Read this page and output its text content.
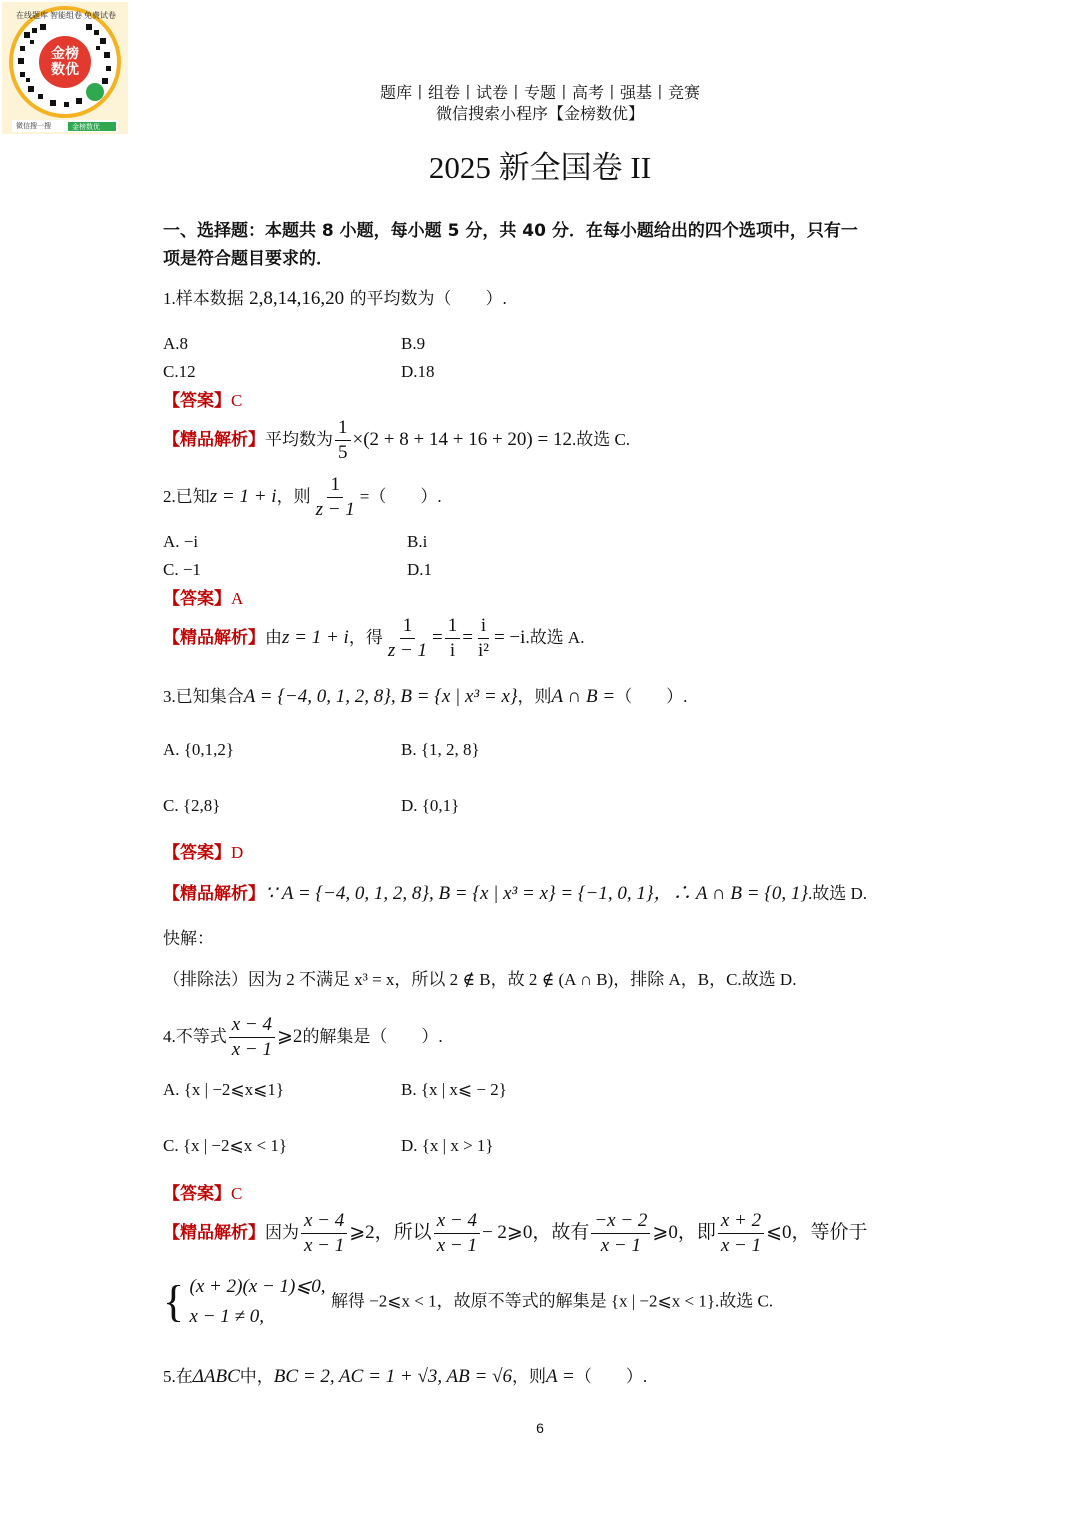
金榜数优
微信搜一搜	金榜数优
在线题库 智能组卷 免费试卷
题库丨组卷丨试卷丨专题丨高考丨强基丨竞赛
微信搜索小程序【金榜数优】
2025 新全国卷 II
一、选择题：本题共 8 小题，每小题 5 分，共 40 分．在每小题给出的四个选项中，只有一
项是符合题目要求的．
1.样本数据 2,8,14,16,20 的平均数为（　　）.
A.8	B.9
C.12	D.18
【答案】C
【精品解析】平均数为 $\frac{1}{5} \times(2 + 8 + 14 + 16 + 20) = 12$.故选 C.
2.已知z = 1 + i，则 $\frac{1}{z - 1}$ =（　　）.
A. −i	B.i
C. −1	D.1
【答案】A
【精品解析】由z = 1 + i，得 $\frac{1}{z - 1} = \frac{1}{i} = \frac{i}{\text{i²}} = -i$.故选 A.
3.已知集合A = {−4, 0, 1, 2, 8}, B = {x | x³ = x}，则A ∩ B =（　　）.
A. {0,1,2}	B. {1, 2, 8}
C. {2,8}	D. {0,1}
【答案】D
【精品解析】∵ A = {−4, 0, 1, 2, 8}, B = {x | x³ = x} = {−1, 0, 1}，∴ A ∩ B = {0, 1}.故选 D.
快解：
（排除法）因为 2 不满足 x³ = x，所以 2 ∉ B，故 2 ∉ (A ∩ B)，排除 A，B，C.故选 D.
4.不等式 $\frac{x - 4}{x - 1}$ ⩾2的解集是（　　）.
A. {x | −2⩽x⩽1}	B. {x | x⩽ − 2}
C. {x | −2⩽x < 1}	D. {x | x > 1}
【答案】C
【精品解析】因为 $\frac{x - 4}{x - 1}$ ⩾2，所以 $\frac{x - 4}{x - 1}$ − 2⩾0，故有 $\frac{-x - 2}{x - 1}$ ⩾0，即 $\frac{x + 2}{x - 1}$ ⩽0，等价于
{ (x + 2)(x − 1)⩽0,
x − 1 ≠ 0,
解得 −2⩽x < 1，故原不等式的解集是 {x | −2⩽x < 1}.故选 C.
5.在ΔABC中，BC = 2, AC = 1 + √3, AB = √6，则A =（　　）.
6
